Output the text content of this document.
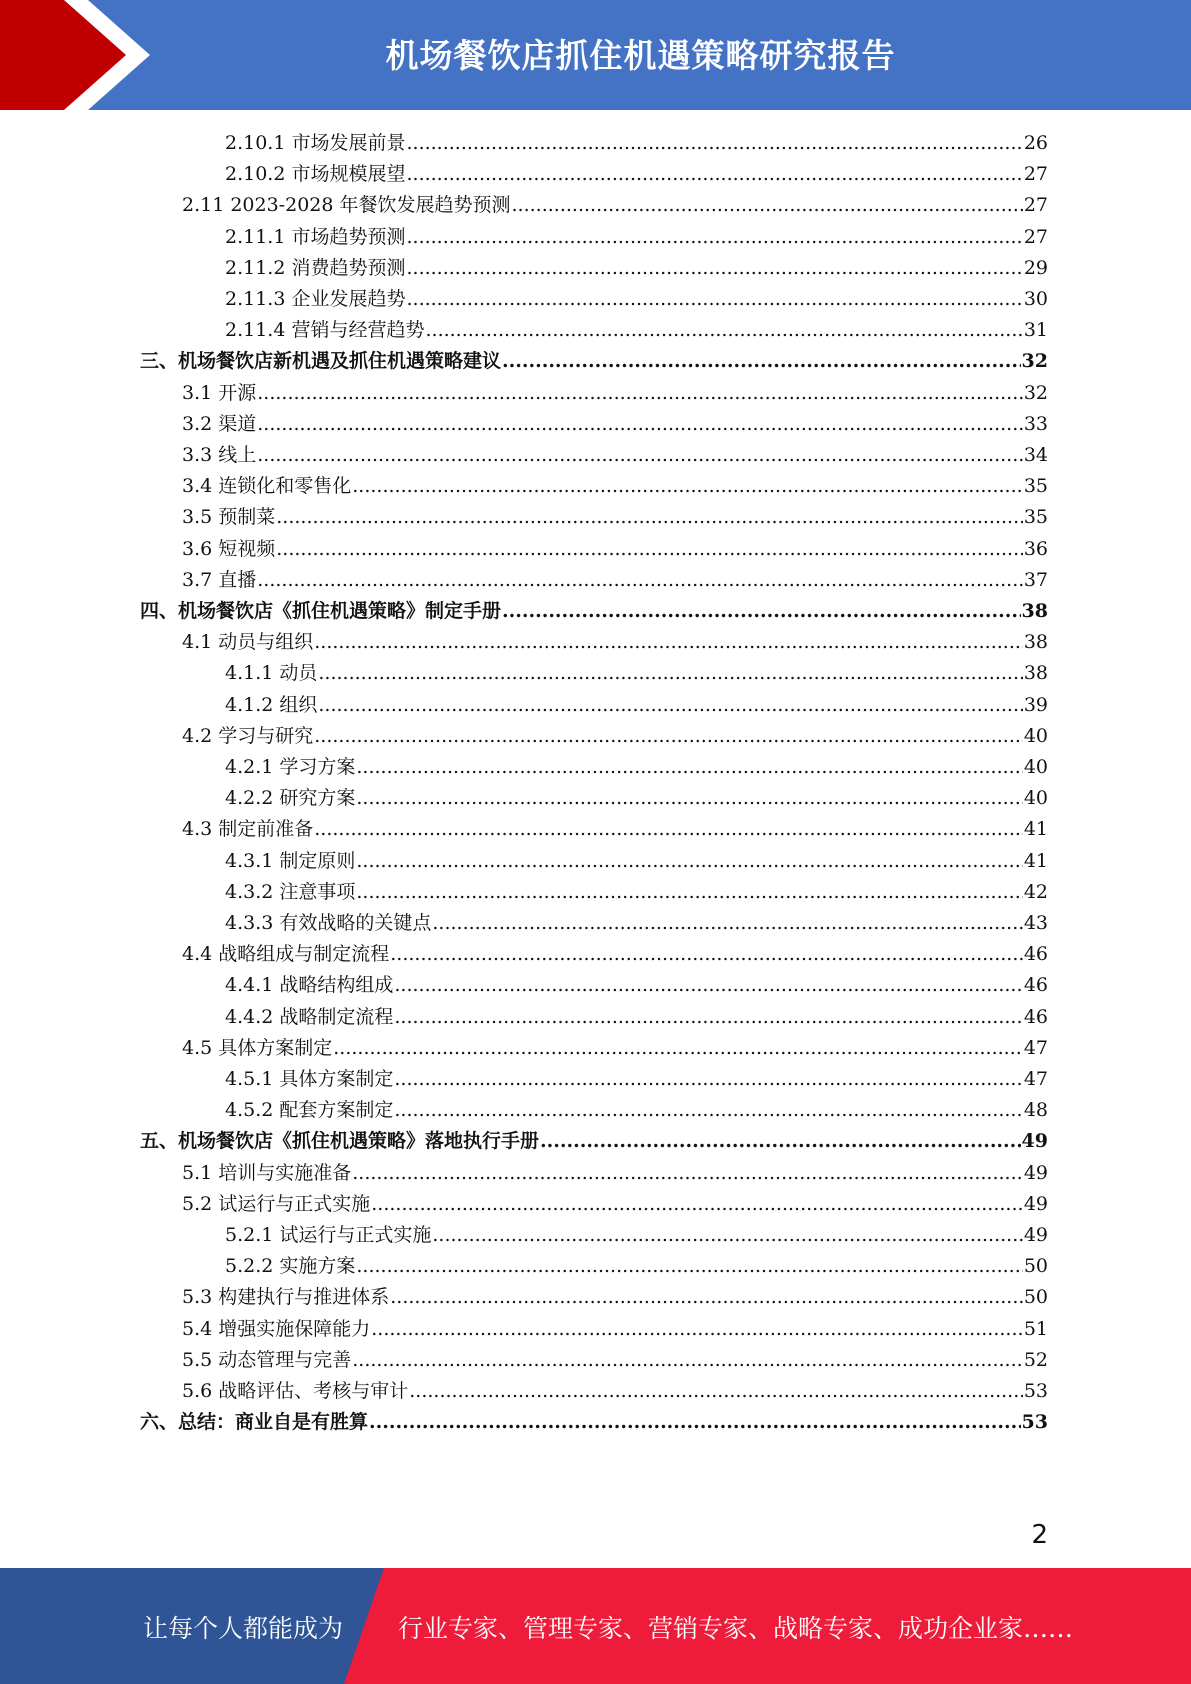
机场餐饮店抓住机遇策略研究报告
2.10.1 市场发展前景 .....	26
2.10.2 市场规模展望 .....	27
2.11 2023-2028 年餐饮发展趋势预测 .....	27
2.11.1 市场趋势预测 .....	27
2.11.2 消费趋势预测 .....	29
2.11.3 企业发展趋势 .....	30
2.11.4 营销与经营趋势 .....	31
三、机场餐饮店新机遇及抓住机遇策略建议 .....	32
3.1 开源 .....	32
3.2 渠道 .....	33
3.3 线上 .....	34
3.4 连锁化和零售化 .....	35
3.5 预制菜 .....	35
3.6 短视频 .....	36
3.7 直播 .....	37
四、机场餐饮店《抓住机遇策略》制定手册 .....	38
4.1 动员与组织 .....	38
4.1.1 动员 .....	38
4.1.2 组织 .....	39
4.2 学习与研究 .....	40
4.2.1 学习方案 .....	40
4.2.2 研究方案 .....	40
4.3 制定前准备 .....	41
4.3.1 制定原则 .....	41
4.3.2 注意事项 .....	42
4.3.3 有效战略的关键点 .....	43
4.4 战略组成与制定流程 .....	46
4.4.1 战略结构组成 .....	46
4.4.2 战略制定流程 .....	46
4.5 具体方案制定 .....	47
4.5.1 具体方案制定 .....	47
4.5.2 配套方案制定 .....	48
五、机场餐饮店《抓住机遇策略》落地执行手册 .....	49
5.1 培训与实施准备 .....	49
5.2 试运行与正式实施 .....	49
5.2.1 试运行与正式实施 .....	49
5.2.2 实施方案 .....	50
5.3 构建执行与推进体系 .....	50
5.4 增强实施保障能力 .....	51
5.5 动态管理与完善 .....	52
5.6 战略评估、考核与审计 .....	53
六、总结：商业自是有胜算 .....	53
2
让每个人都能成为 行业专家、管理专家、营销专家、战略专家、成功企业家……
